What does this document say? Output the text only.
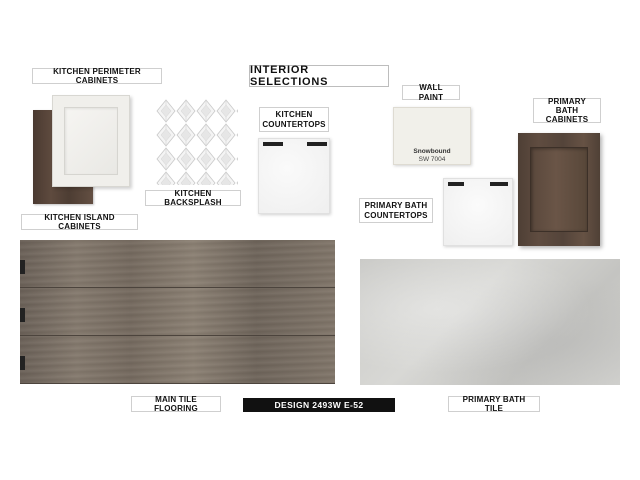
INTERIOR SELECTIONS
KITCHEN PERIMETER CABINETS
KITCHEN BACKSPLASH
KITCHEN COUNTERTOPS
WALL PAINT
Snowbound
SW 7004
PRIMARY BATH CABINETS
PRIMARY BATH COUNTERTOPS
KITCHEN ISLAND CABINETS
MAIN TILE FLOORING	DESIGN 2493W E-52
PRIMARY BATH TILE
